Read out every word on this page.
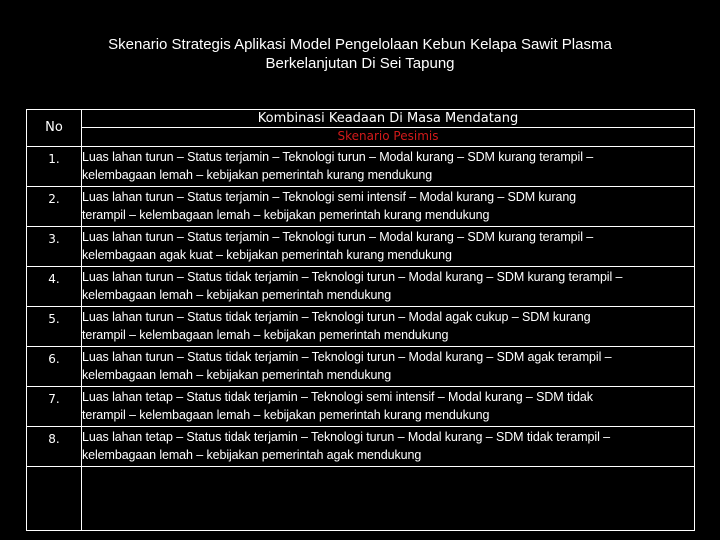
Skenario Strategis Aplikasi Model Pengelolaan Kebun Kelapa Sawit Plasma
Berkelanjutan Di Sei Tapung
No
Kombinasi Keadaan Di Masa Mendatang
Skenario Pesimis
1.	Luas lahan turun – Status terjamin – Teknologi turun – Modal kurang – SDM kurang terampil –
kelembagaan lemah – kebijakan pemerintah kurang mendukung
2.	Luas lahan turun – Status terjamin – Teknologi semi intensif – Modal kurang – SDM kurang
terampil – kelembagaan lemah – kebijakan pemerintah kurang mendukung
3.	Luas lahan turun – Status terjamin – Teknologi turun – Modal kurang – SDM kurang terampil –
kelembagaan agak kuat – kebijakan pemerintah kurang mendukung
4.	Luas lahan turun – Status tidak terjamin – Teknologi turun – Modal kurang – SDM kurang terampil –
kelembagaan lemah – kebijakan pemerintah mendukung
5.	Luas lahan turun – Status tidak terjamin – Teknologi turun – Modal agak cukup – SDM kurang
terampil – kelembagaan lemah – kebijakan pemerintah mendukung
6.	Luas lahan turun – Status tidak terjamin – Teknologi turun – Modal kurang – SDM agak terampil –
kelembagaan lemah – kebijakan pemerintah mendukung
7.	Luas lahan tetap – Status tidak terjamin – Teknologi semi intensif – Modal kurang – SDM tidak
terampil – kelembagaan lemah – kebijakan pemerintah kurang mendukung
8.	Luas lahan tetap – Status tidak terjamin – Teknologi turun – Modal kurang – SDM tidak terampil –
kelembagaan lemah – kebijakan pemerintah agak mendukung
